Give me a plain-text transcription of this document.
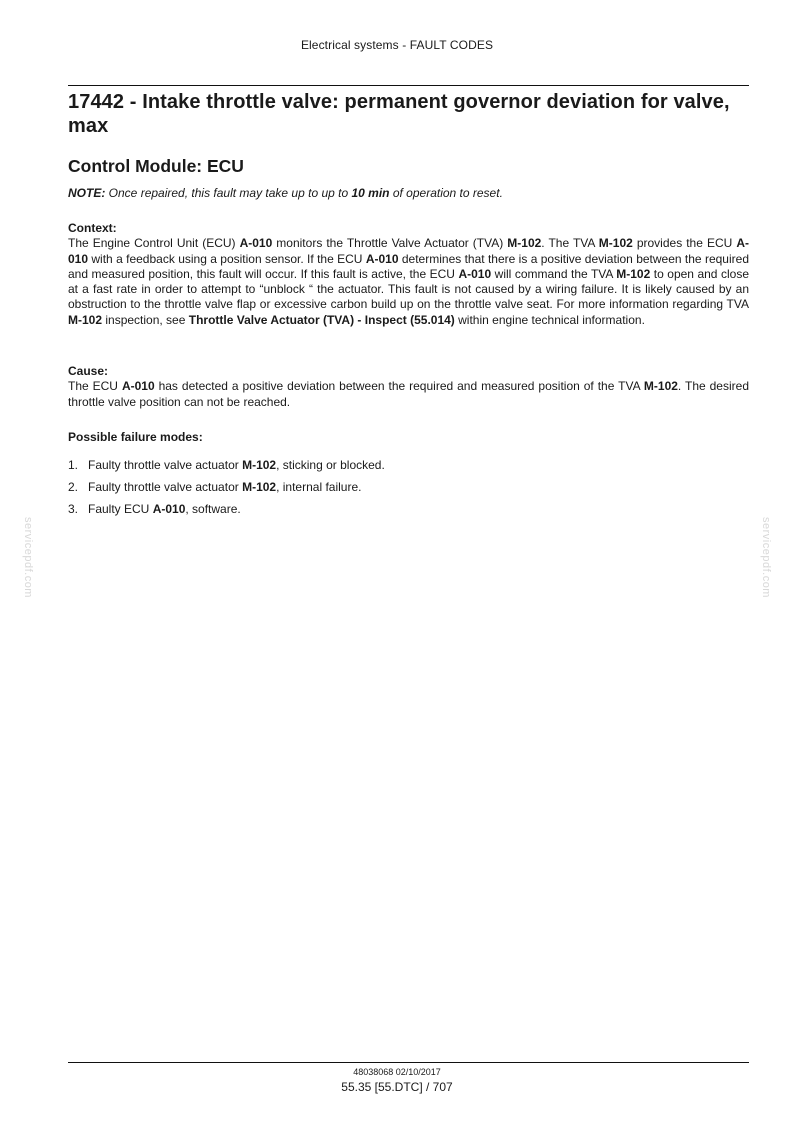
Electrical systems - FAULT CODES
17442 - Intake throttle valve: permanent governor deviation for valve, max
Control Module: ECU

NOTE: Once repaired, this fault may take up to up to 10 min of operation to reset.

Context:

The Engine Control Unit (ECU) A-010 monitors the Throttle Valve Actuator (TVA) M-102. The TVA M-102 provides the ECU A-010 with a feedback using a position sensor. If the ECU A-010 determines that there is a positive deviation between the required and measured position, this fault will occur. If this fault is active, the ECU A-010 will command the TVA M-102 to open and close at a fast rate in order to attempt to “unblock “ the actuator. This fault is not caused by a wiring failure. It is likely caused by an obstruction to the throttle valve flap or excessive carbon build up on the throttle valve seat. For more information regarding TVA M-102 inspection, see Throttle Valve Actuator (TVA) - Inspect (55.014) within engine technical information.

Cause:

The ECU A-010 has detected a positive deviation between the required and measured position of the TVA M-102. The desired throttle valve position can not be reached.

Possible failure modes:
1. Faulty throttle valve actuator M-102, sticking or blocked.
2. Faulty throttle valve actuator M-102, internal failure.
3. Faulty ECU A-010, software.
servicepdf.com	servicepdf.com
48038068 02/10/2017
55.35 [55.DTC] / 707
